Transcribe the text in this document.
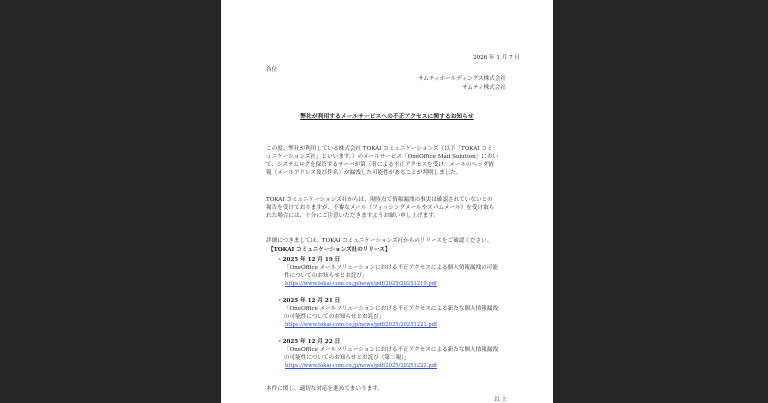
2026 年 1 月 7 日
各位
サムティホールディングス株式会社
サムティ株式会社
弊社が利用するメールサービスへの不正アクセスに関するお知らせ
この度、弊社が利用している株式会社 TOKAI コミュニケーションズ（以下「TOKAI コミ
ュニケーションズ社」といいます。）のメールサービス「OneOffice Mail Solution」におい
て、システムログを保管するサーバが第三者による不正アクセスを受け、メールのヘッダ情
報（メールアドレス及び件名）が漏洩した可能性があることが判明しました。
TOKAI コミュニケーションズ社からは、現時点で情報漏洩の事実は確認されていないとの
報告を受けておりますが、不審なメール（フィッシングメールやスパムメール）を受け取ら
れた場合には、十分にご注意いただきますようお願い申し上げます。
詳細につきましては、TOKAI コミュニケーションズ社からのリリースをご確認ください。
【TOKAI コミュニケーションズ社のリリース】
・2025 年 12 月 19 日
「OneOffice メールソリューションにおける不正アクセスによる個人情報漏洩の可能
性についてのお知らせとお詫び」
https://www.tokai-com.co.jp/news/pdf/2025/20251219.pdf
・2025 年 12 月 21 日
「OneOffice メールソリューションにおける不正アクセスによる新たな個人情報漏洩
の可能性についてのお知らせとお詫び」
https://www.tokai-com.co.jp/news/pdf/2025/20251221.pdf
・2025 年 12 月 22 日
「OneOffice メールソリューションにおける不正アクセスによる新たな個人情報漏洩
の可能性についてのお知らせとお詫び（第二報）」
https://www.tokai-com.co.jp/news/pdf/2025/20251222.pdf
本件に関し、適切な対応を進めてまいります。
以 上
